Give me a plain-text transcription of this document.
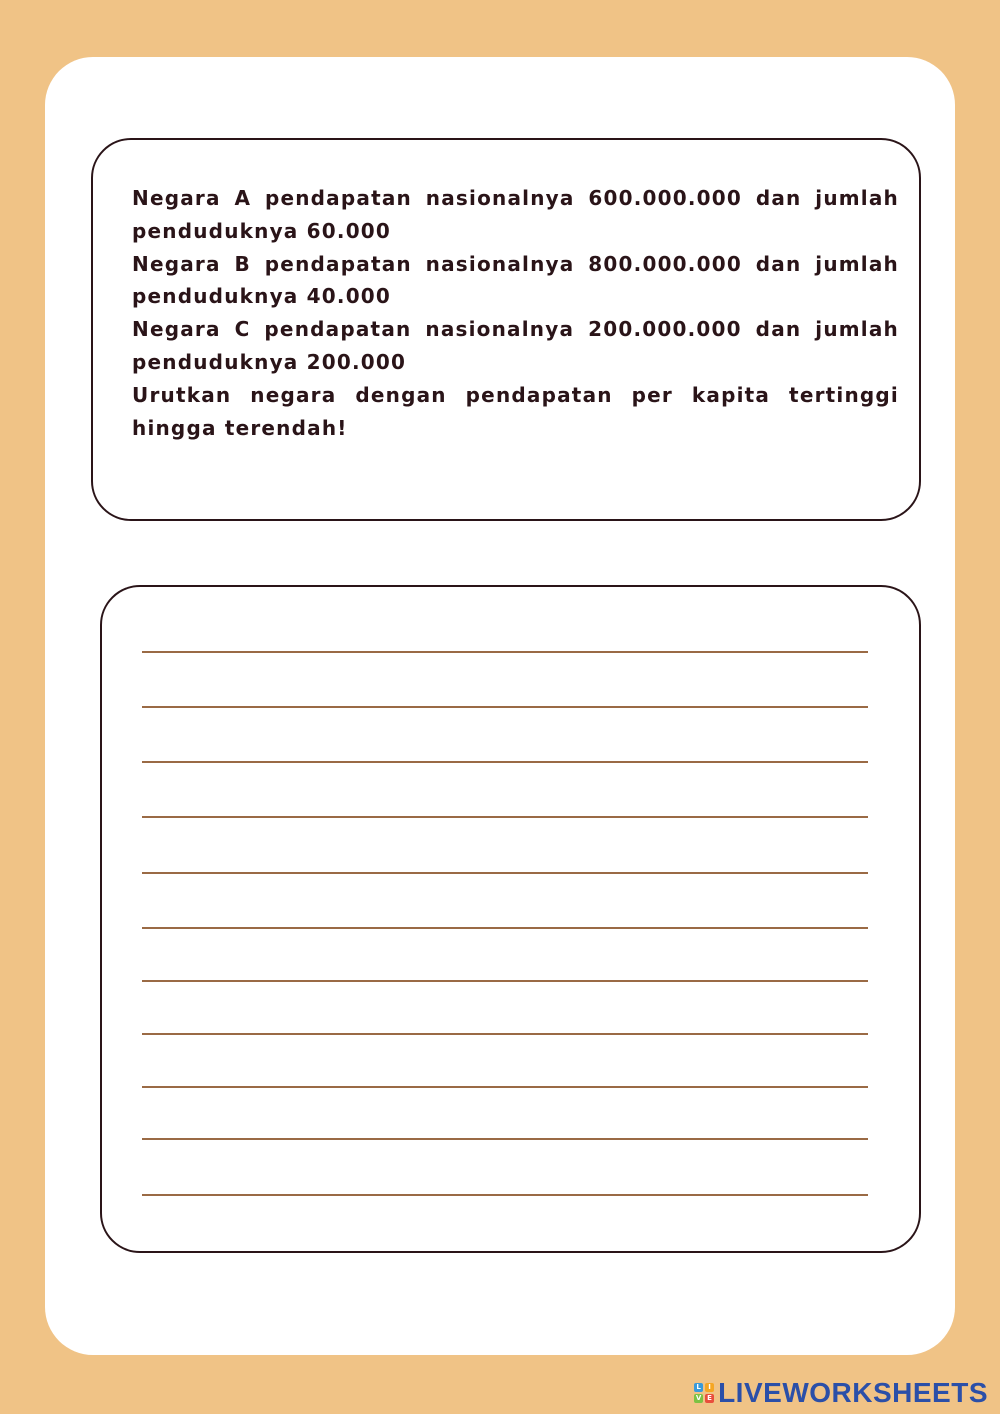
Negara A pendapatan nasionalnya 600.000.000 dan jumlah penduduknya 60.000

Negara B pendapatan nasionalnya 800.000.000 dan jumlah penduduknya 40.000

Negara C pendapatan nasionalnya 200.000.000 dan jumlah penduduknya 200.000

Urutkan negara dengan pendapatan per kapita tertinggi hingga terendah!

L	I
V E LIVEWORKSHEETS
